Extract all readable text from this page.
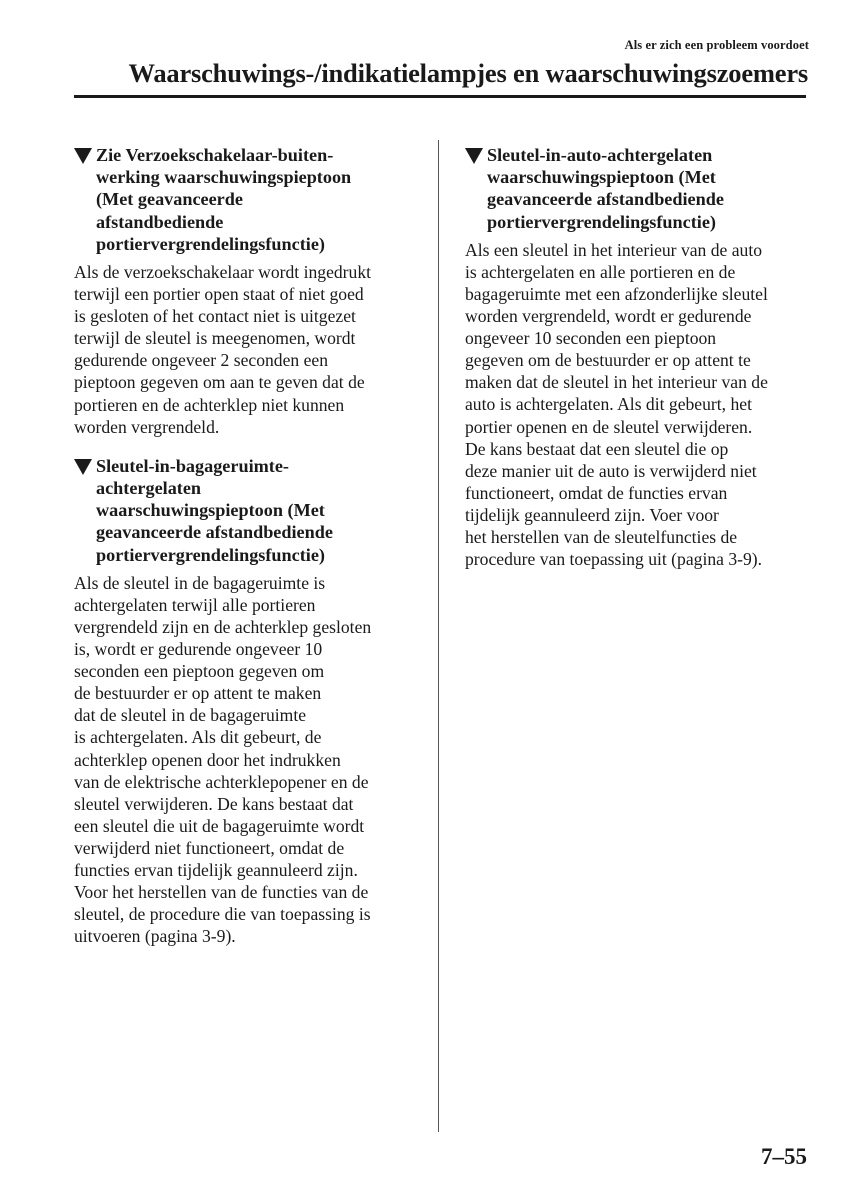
Als er zich een probleem voordoet
Waarschuwings-/indikatielampjes en waarschuwingszoemers
Zie Verzoekschakelaar-buiten-
werking waarschuwingspieptoon
(Met geavanceerde
afstandbediende
portiervergrendelingsfunctie)
Als de verzoekschakelaar wordt ingedrukt
terwijl een portier open staat of niet goed
is gesloten of het contact niet is uitgezet
terwijl de sleutel is meegenomen, wordt
gedurende ongeveer 2 seconden een
pieptoon gegeven om aan te geven dat de
portieren en de achterklep niet kunnen
worden vergrendeld.
Sleutel-in-bagageruimte-
achtergelaten
waarschuwingspieptoon (Met
geavanceerde afstandbediende
portiervergrendelingsfunctie)
Als de sleutel in de bagageruimte is
achtergelaten terwijl alle portieren
vergrendeld zijn en de achterklep gesloten
is, wordt er gedurende ongeveer 10
seconden een pieptoon gegeven om
de bestuurder er op attent te maken
dat de sleutel in de bagageruimte
is achtergelaten. Als dit gebeurt, de
achterklep openen door het indrukken
van de elektrische achterklepopener en de
sleutel verwijderen. De kans bestaat dat
een sleutel die uit de bagageruimte wordt
verwijderd niet functioneert, omdat de
functies ervan tijdelijk geannuleerd zijn.
Voor het herstellen van de functies van de
sleutel, de procedure die van toepassing is
uitvoeren (pagina 3-9).
Sleutel-in-auto-achtergelaten
waarschuwingspieptoon (Met
geavanceerde afstandbediende
portiervergrendelingsfunctie)
Als een sleutel in het interieur van de auto
is achtergelaten en alle portieren en de
bagageruimte met een afzonderlijke sleutel
worden vergrendeld, wordt er gedurende
ongeveer 10 seconden een pieptoon
gegeven om de bestuurder er op attent te
maken dat de sleutel in het interieur van de
auto is achtergelaten. Als dit gebeurt, het
portier openen en de sleutel verwijderen.
De kans bestaat dat een sleutel die op
deze manier uit de auto is verwijderd niet
functioneert, omdat de functies ervan
tijdelijk geannuleerd zijn. Voer voor
het herstellen van de sleutelfuncties de
procedure van toepassing uit (pagina 3-9).
7–55
